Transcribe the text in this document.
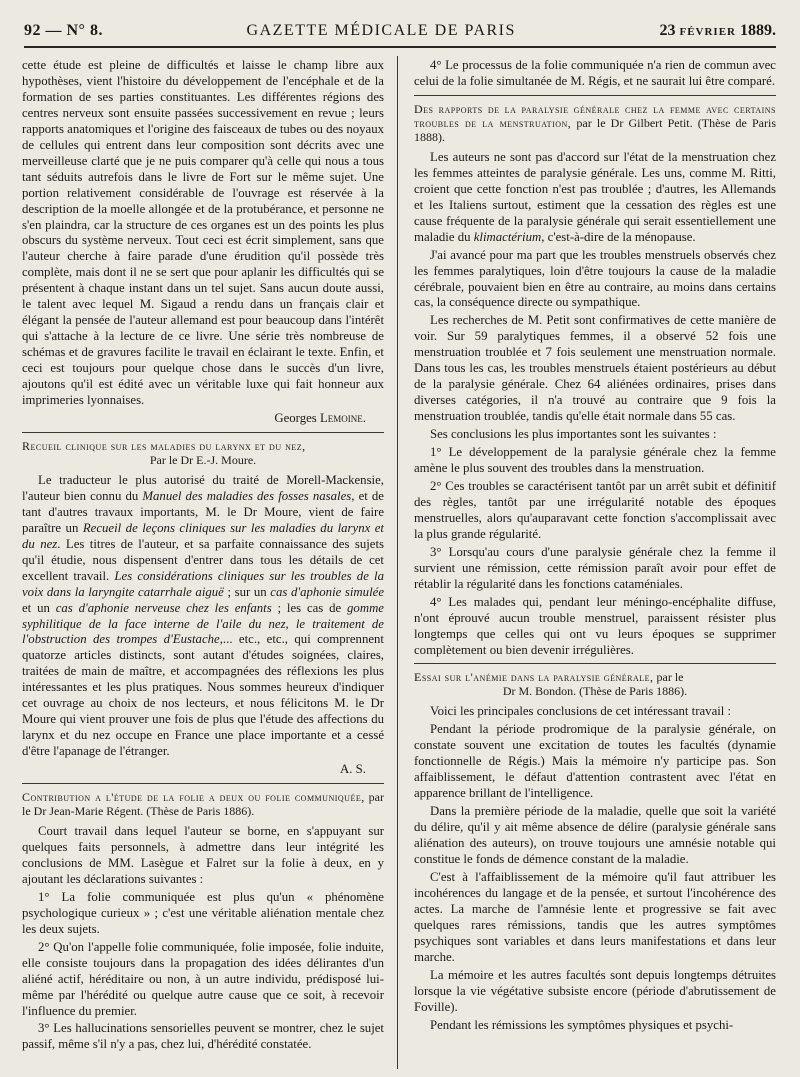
92 — N° 8.	GAZETTE MÉDICALE DE PARIS	23 FÉVRIER 1889.

cette étude est pleine de difficultés et laisse le champ libre aux hypothèses, vient l'histoire du développement de l'encéphale et de la formation de ses parties constituantes. Les différentes régions des centres nerveux sont ensuite passées successivement en revue ; leurs rapports anatomiques et l'origine des faisceaux de tubes ou des noyaux de cellules qui entrent dans leur composition sont décrits avec une merveilleuse clarté que je ne puis comparer qu'à celle qui nous a tous tant séduits autrefois dans le livre de Fort sur le même sujet. Une portion relativement considérable de l'ouvrage est réservée à la description de la moelle allongée et de la protubérance, et personne ne s'en plaindra, car la structure de ces organes est un des points les plus obscurs du système nerveux. Tout ceci est écrit simplement, sans que l'auteur cherche à faire parade d'une érudition qu'il possède très complète, mais dont il ne se sert que pour aplanir les difficultés qui se présentent à chaque instant dans un tel sujet. Sans aucun doute aussi, le talent avec lequel M. Sigaud a rendu dans un français clair et élégant la pensée de l'auteur allemand est pour beaucoup dans l'intérêt qui s'attache à la lecture de ce livre. Une série très nombreuse de schémas et de gravures facilite le travail en éclairant le texte. Enfin, et ceci est toujours pour quelque chose dans le succès d'un livre, ajoutons qu'il est édité avec un véritable luxe qui fait honneur aux imprimeries lyonnaises.

Georges Lemoine.

Recueil clinique sur les maladies du larynx et du nez,
Par le Dr E.-J. Moure.

Le traducteur le plus autorisé du traité de Morell-Mackensie, l'auteur bien connu du Manuel des maladies des fosses nasales, et de tant d'autres travaux importants, M. le Dr Moure, vient de faire paraître un Recueil de leçons cliniques sur les maladies du larynx et du nez. Les titres de l'auteur, et sa parfaite connaissance des sujets qu'il étudie, nous dispensent d'entrer dans tous les détails de cet excellent travail. Les considérations cliniques sur les troubles de la voix dans la laryngite catarrhale aiguë ; sur un cas d'aphonie simulée et un cas d'aphonie nerveuse chez les enfants ; les cas de gomme syphilitique de la face interne de l'aile du nez, le traitement de l'obstruction des trompes d'Eustache,... etc., etc., qui comprennent quatorze articles distincts, sont autant d'études soignées, claires, traitées de main de maître, et accompagnées des réflexions les plus intéressantes et les plus pratiques. Nous sommes heureux d'indiquer cet ouvrage au choix de nos lecteurs, et nous félicitons M. le Dr Moure qui vient prouver une fois de plus que l'étude des affections du larynx et du nez occupe en France une place importante et a cessé d'être l'apanage de l'étranger.

A. S.

Contribution a l'étude de la folie a deux ou folie communiquée, par le Dr Jean-Marie Régent. (Thèse de Paris 1886).

Court travail dans lequel l'auteur se borne, en s'appuyant sur quelques faits personnels, à admettre dans leur intégrité les conclusions de MM. Lasègue et Falret sur la folie à deux, en y ajoutant les déclarations suivantes :

1° La folie communiquée est plus qu'un « phénomène psychologique curieux » ; c'est une véritable aliénation mentale chez les deux sujets.

2° Qu'on l'appelle folie communiquée, folie imposée, folie induite, elle consiste toujours dans la propagation des idées délirantes d'un aliéné actif, héréditaire ou non, à un autre individu, prédisposé lui-même par l'hérédité ou quelque autre cause que ce soit, à recevoir l'influence du premier.

3° Les hallucinations sensorielles peuvent se montrer, chez le sujet passif, même s'il n'y a pas, chez lui, d'hérédité constatée.

4° Le processus de la folie communiquée n'a rien de commun avec celui de la folie simultanée de M. Régis, et ne saurait lui être comparé.

Des rapports de la paralysie générale chez la femme avec certains troubles de la menstruation, par le Dr Gilbert Petit. (Thèse de Paris 1888).

Les auteurs ne sont pas d'accord sur l'état de la menstruation chez les femmes atteintes de paralysie générale. Les uns, comme M. Ritti, croient que cette fonction n'est pas troublée ; d'autres, les Allemands et les Italiens surtout, estiment que la cessation des règles est une cause fréquente de la paralysie générale qui serait essentiellement une maladie du klimactérium, c'est-à-dire de la ménopause.

J'ai avancé pour ma part que les troubles menstruels observés chez les femmes paralytiques, loin d'être toujours la cause de la maladie cérébrale, pouvaient bien en être au contraire, au moins dans certains cas, la conséquence directe ou sympathique.

Les recherches de M. Petit sont confirmatives de cette manière de voir. Sur 59 paralytiques femmes, il a observé 52 fois une menstruation troublée et 7 fois seulement une menstruation normale. Dans tous les cas, les troubles menstruels étaient postérieurs au début de la paralysie générale. Chez 64 aliénées ordinaires, prises dans diverses catégories, il n'a trouvé au contraire que 9 fois la menstruation troublée, tandis qu'elle était normale dans 55 cas.

Ses conclusions les plus importantes sont les suivantes :

1° Le développement de la paralysie générale chez la femme amène le plus souvent des troubles dans la menstruation.

2° Ces troubles se caractérisent tantôt par un arrêt subit et définitif des règles, tantôt par une irrégularité notable des époques menstruelles, alors qu'auparavant cette fonction s'accomplissait avec la plus grande régularité.

3° Lorsqu'au cours d'une paralysie générale chez la femme il survient une rémission, cette rémission paraît avoir pour effet de rétablir la régularité dans les fonctions cataméniales.

4° Les malades qui, pendant leur méningo-encéphalite diffuse, n'ont éprouvé aucun trouble menstruel, paraissent résister plus longtemps que celles qui ont vu leurs époques se supprimer complètement ou bien devenir irrégulières.

Essai sur l'anémie dans la paralysie générale, par le
Dr M. Bondon. (Thèse de Paris 1886).

Voici les principales conclusions de cet intéressant travail :

Pendant la période prodromique de la paralysie générale, on constate souvent une excitation de toutes les facultés (dynamie fonctionnelle de Régis.) Mais la mémoire n'y participe pas. Son affaiblissement, le défaut d'attention contrastent avec l'état en apparence brillant de l'intelligence.

Dans la première période de la maladie, quelle que soit la variété du délire, qu'il y ait même absence de délire (paralysie générale sans aliénation des auteurs), on trouve toujours une amnésie notable qui constitue le fonds de démence constant de la maladie.

C'est à l'affaiblissement de la mémoire qu'il faut attribuer les incohérences du langage et de la pensée, et surtout l'incohérence des actes. La marche de l'amnésie lente et progressive se fait avec quelques rares rémissions, tandis que les autres symptômes psychiques sont variables et dans leurs manifestations et dans leur marche.

La mémoire et les autres facultés sont depuis longtemps détruites lorsque la vie végétative subsiste encore (période d'abrutissement de Foville).

Pendant les rémissions les symptômes physiques et psychi-
